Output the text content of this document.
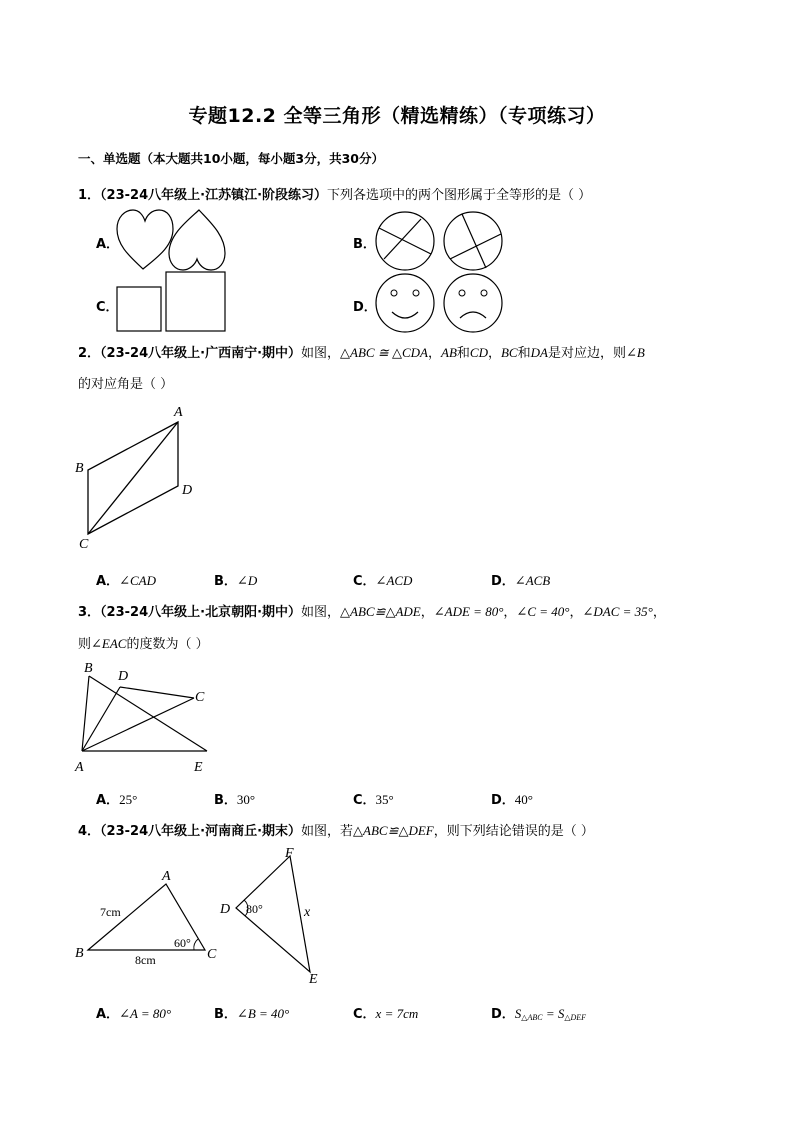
专题12.2 全等三角形（精选精练）（专项练习）
一、单选题（本大题共10小题，每小题3分，共30分）
1．（23-24八年级上·江苏镇江·阶段练习）下列各选项中的两个图形属于全等形的是（ ）
A．	B．
C．	D．
2．（23-24八年级上·广西南宁·期中）如图，△ABC ≅ △CDA，AB和CD，BC和DA是对应边，则∠B
的对应角是（ ）
A
B
D
C
A．∠CAD	B．∠D	C．∠ACD	D．∠ACB
3．（23-24八年级上·北京朝阳·期中）如图，△ABC≌△ADE，∠ADE = 80°，∠C = 40°，∠DAC = 35°，
则∠EAC的度数为（ ）
B
D
C
A	E
A．25°	B．30°	C．35°	D．40°
4．（23-24八年级上·河南商丘·期末）如图，若△ABC≌△DEF，则下列结论错误的是（ ）
A
B	C
7cm
8cm
60°
F
D
E
80°	x
A．∠A = 80°	B．∠B = 40°	C．x = 7cm	D．$S_{\triangle ABC} = S_{\triangle DEF}$
